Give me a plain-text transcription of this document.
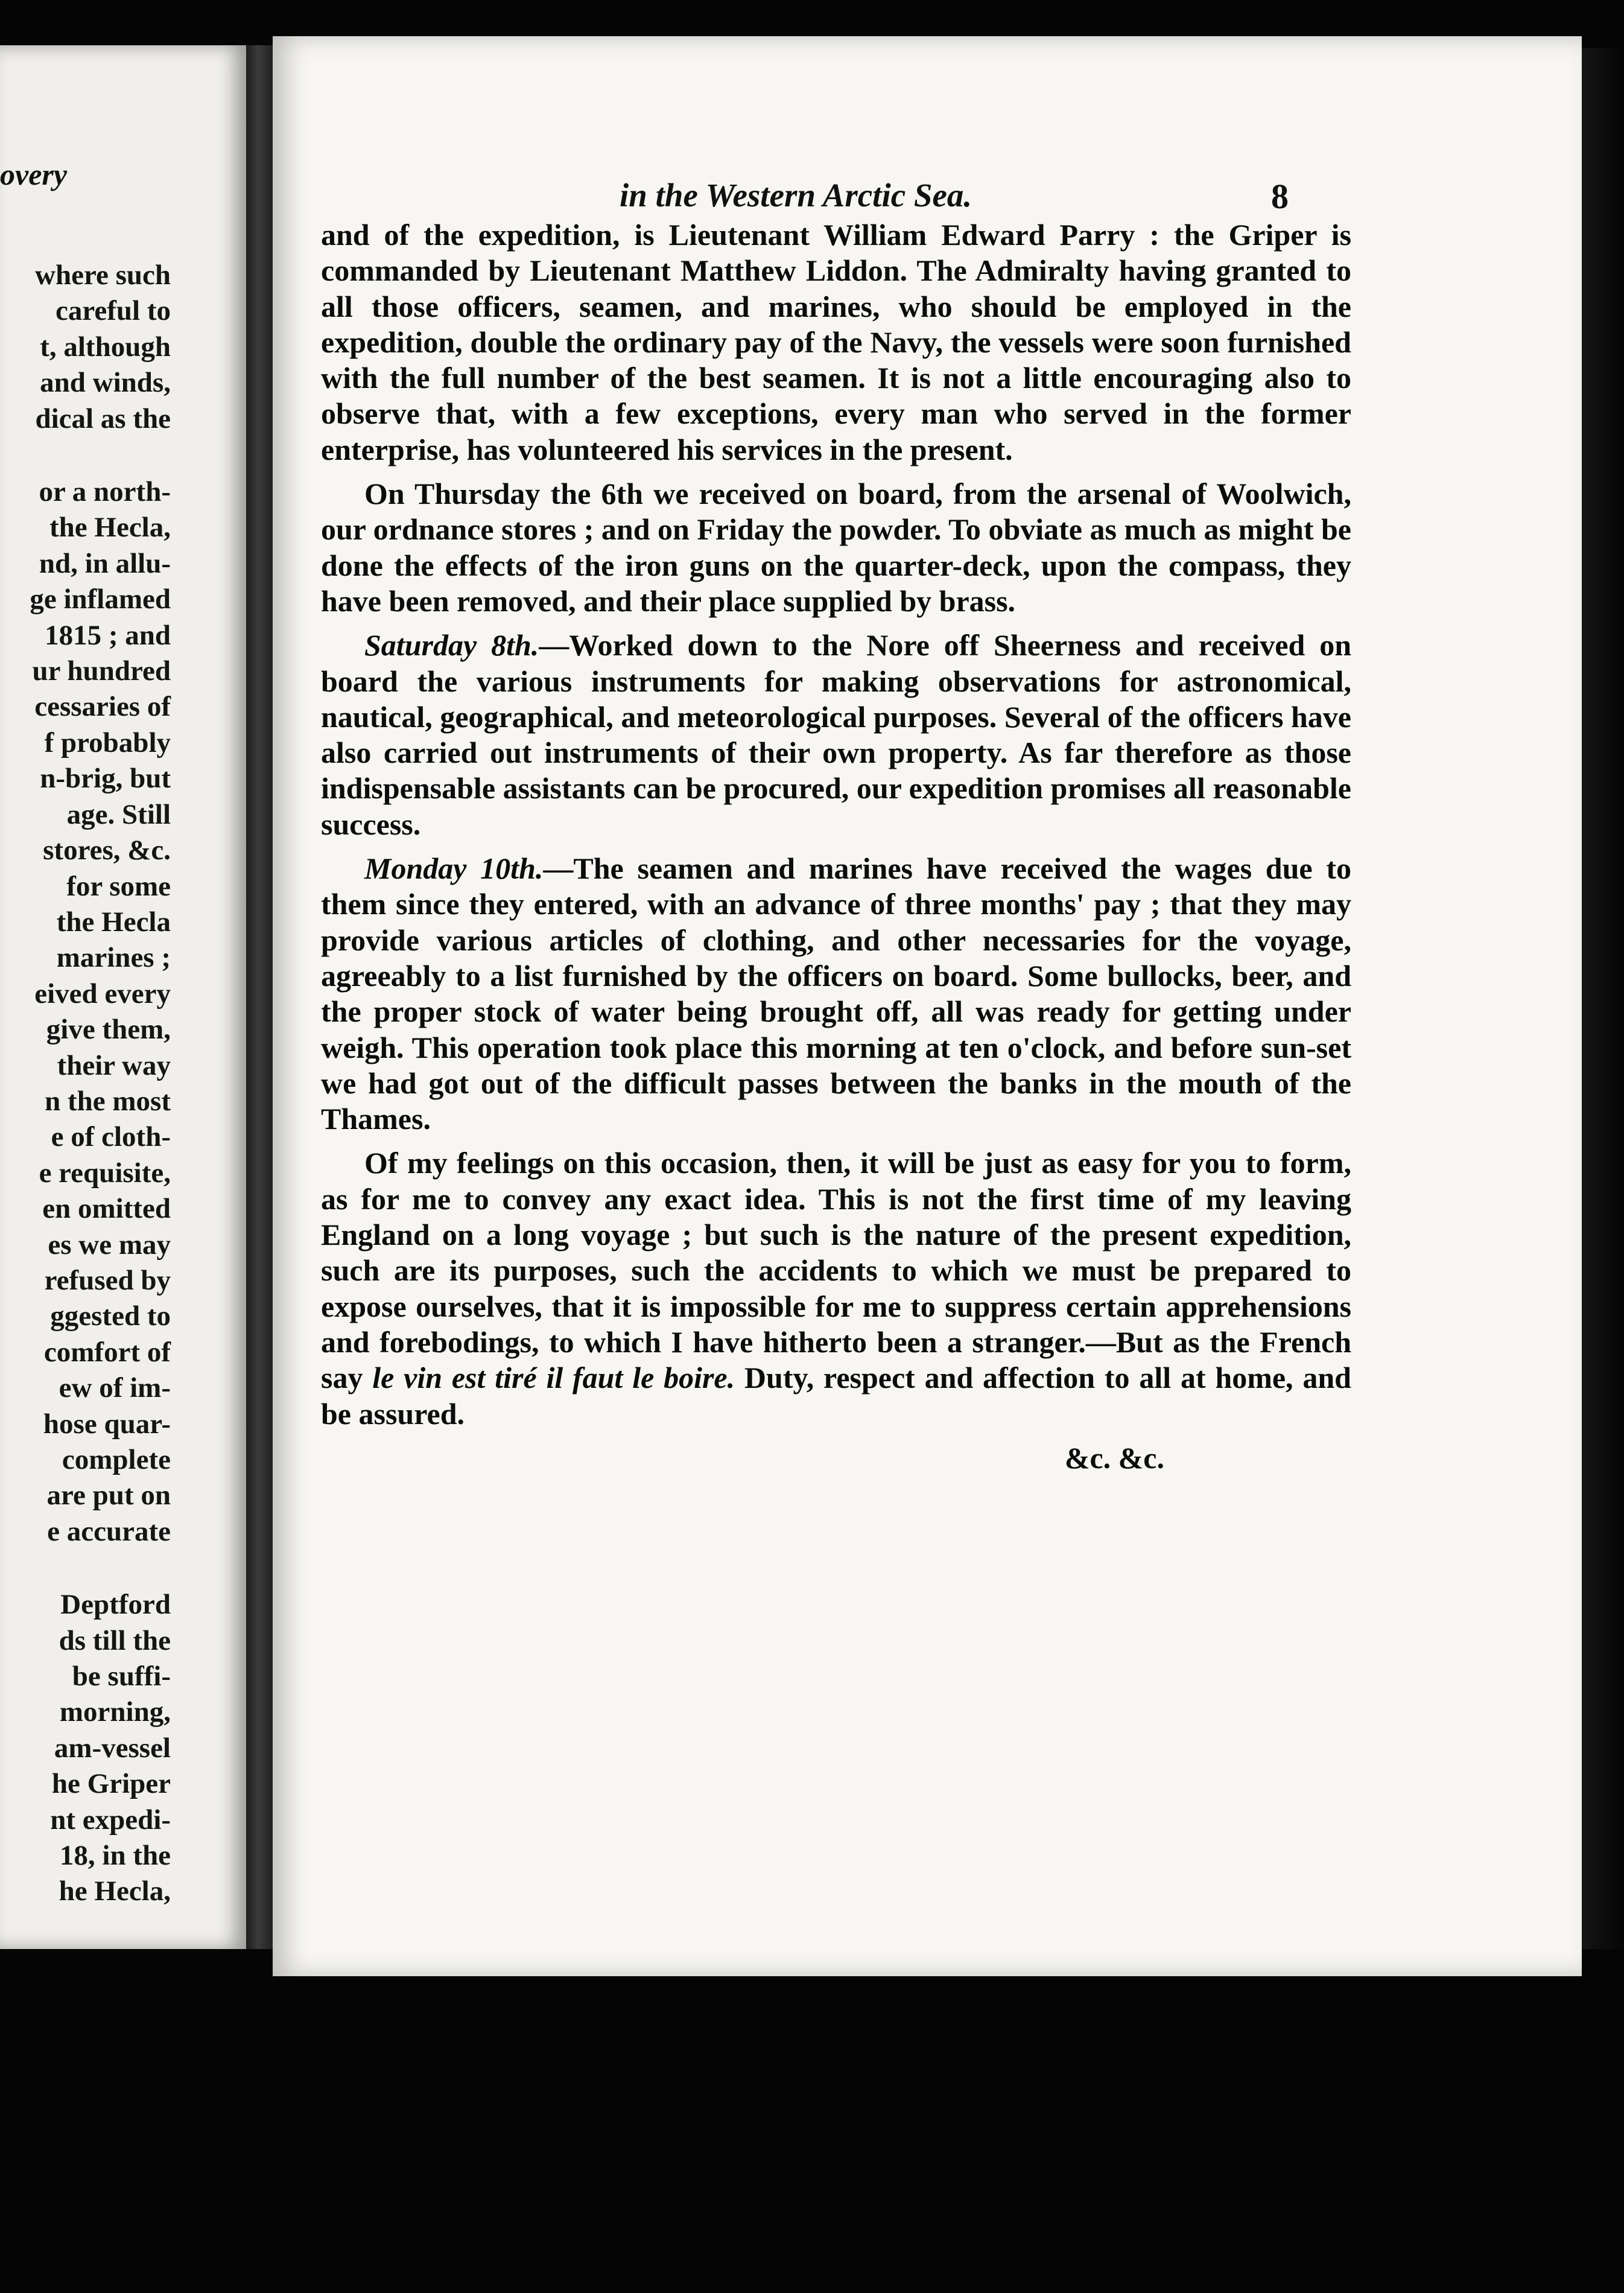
overy
where such
careful to
t, although
and winds,
dical as the

or a north-
the Hecla,
nd, in allu-
ge inflamed
1815 ; and
ur hundred
cessaries of
f probably
n-brig, but
age. Still
stores, &c.
for some
the Hecla
marines ;
eived every
give them,
their way
n the most
e of cloth-
e requisite,
en omitted
es we may
refused by
ggested to
comfort of
ew of im-
hose quar-
complete
are put on
e accurate

Deptford
ds till the
be suffi-
morning,
am-vessel
he Griper
nt expedi-
18, in the
he Hecla,
in the Western Arctic Sea.	8

and of the expedition, is Lieutenant William Edward Parry : the Griper is commanded by Lieutenant Matthew Liddon. The Admiralty having granted to all those officers, seamen, and marines, who should be employed in the expedition, double the ordinary pay of the Navy, the vessels were soon furnished with the full number of the best seamen. It is not a little encouraging also to observe that, with a few exceptions, every man who served in the former enterprise, has volunteered his services in the present.

On Thursday the 6th we received on board, from the arsenal of Woolwich, our ordnance stores ; and on Friday the powder. To obviate as much as might be done the effects of the iron guns on the quarter-deck, upon the compass, they have been removed, and their place supplied by brass.

Saturday 8th.—Worked down to the Nore off Sheerness and received on board the various instruments for making observations for astronomical, nautical, geographical, and meteorological purposes. Several of the officers have also carried out instruments of their own property. As far therefore as those indispensable assistants can be procured, our expedition promises all reasonable success.

Monday 10th.—The seamen and marines have received the wages due to them since they entered, with an advance of three months' pay ; that they may provide various articles of clothing, and other necessaries for the voyage, agreeably to a list furnished by the officers on board. Some bullocks, beer, and the proper stock of water being brought off, all was ready for getting under weigh. This operation took place this morning at ten o'clock, and before sun-set we had got out of the difficult passes between the banks in the mouth of the Thames.

Of my feelings on this occasion, then, it will be just as easy for you to form, as for me to convey any exact idea. This is not the first time of my leaving England on a long voyage ; but such is the nature of the present expedition, such are its purposes, such the accidents to which we must be prepared to expose ourselves, that it is impossible for me to suppress certain apprehensions and forebodings, to which I have hitherto been a stranger.—But as the French say le vin est tiré il faut le boire. Duty, respect and affection to all at home, and be assured.

&c. &c.
